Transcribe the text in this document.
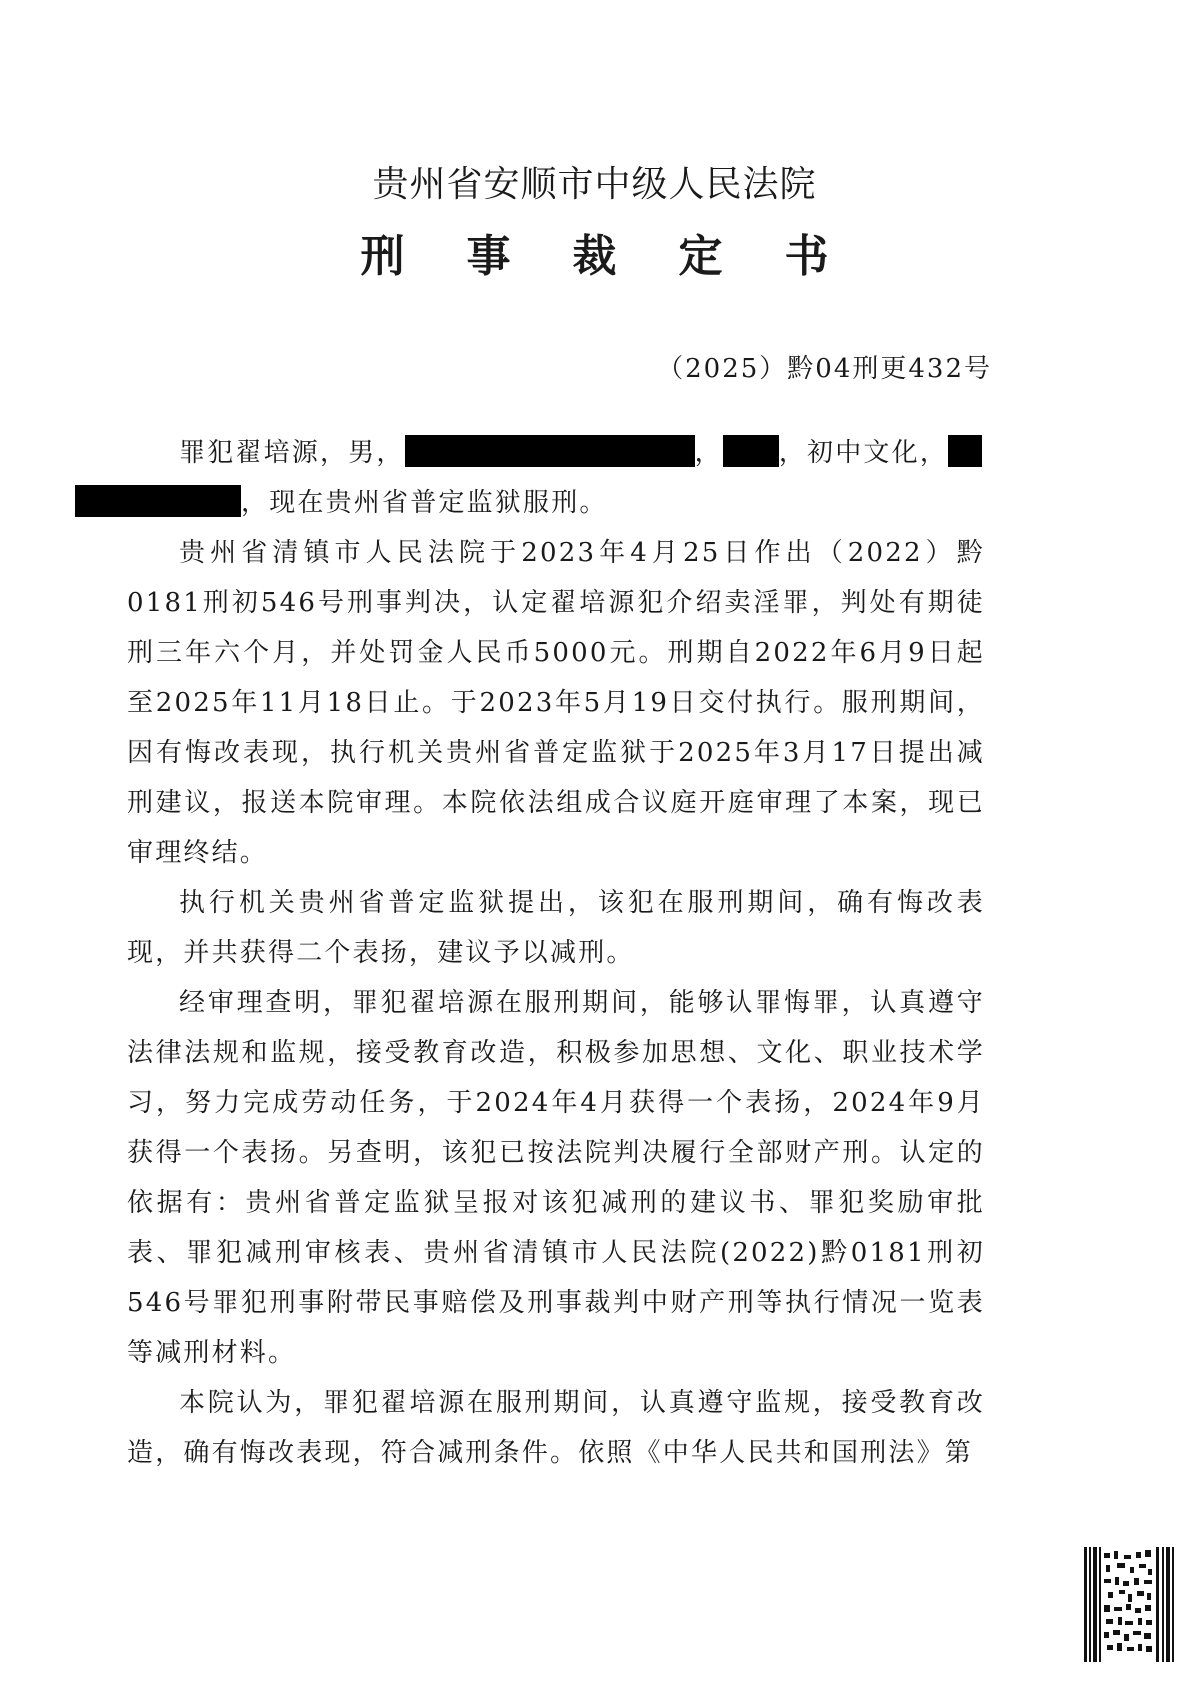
贵州省安顺市中级人民法院
刑事裁定书
（2025）黔04刑更432号

罪犯翟培源，男，	， ，初中文化，
，现在贵州省普定监狱服刑。

贵州省清镇市人民法院于2023年4月25日作出（2022）黔0181刑初546号刑事判决，认定翟培源犯介绍卖淫罪，判处有期徒刑三年六个月，并处罚金人民币5000元。刑期自2022年6月9日起至2025年11月18日止。于2023年5月19日交付执行。服刑期间，因有悔改表现，执行机关贵州省普定监狱于2025年3月17日提出减刑建议，报送本院审理。本院依法组成合议庭开庭审理了本案，现已审理终结。

执行机关贵州省普定监狱提出，该犯在服刑期间，确有悔改表现，并共获得二个表扬，建议予以减刑。

经审理查明，罪犯翟培源在服刑期间，能够认罪悔罪，认真遵守法律法规和监规，接受教育改造，积极参加思想、文化、职业技术学习，努力完成劳动任务，于2024年4月获得一个表扬，2024年9月获得一个表扬。另查明，该犯已按法院判决履行全部财产刑。认定的依据有：贵州省普定监狱呈报对该犯减刑的建议书、罪犯奖励审批表、罪犯减刑审核表、贵州省清镇市人民法院(2022)黔0181刑初546号罪犯刑事附带民事赔偿及刑事裁判中财产刑等执行情况一览表等减刑材料。

本院认为，罪犯翟培源在服刑期间，认真遵守监规，接受教育改造，确有悔改表现，符合减刑条件。依照《中华人民共和国刑法》第
